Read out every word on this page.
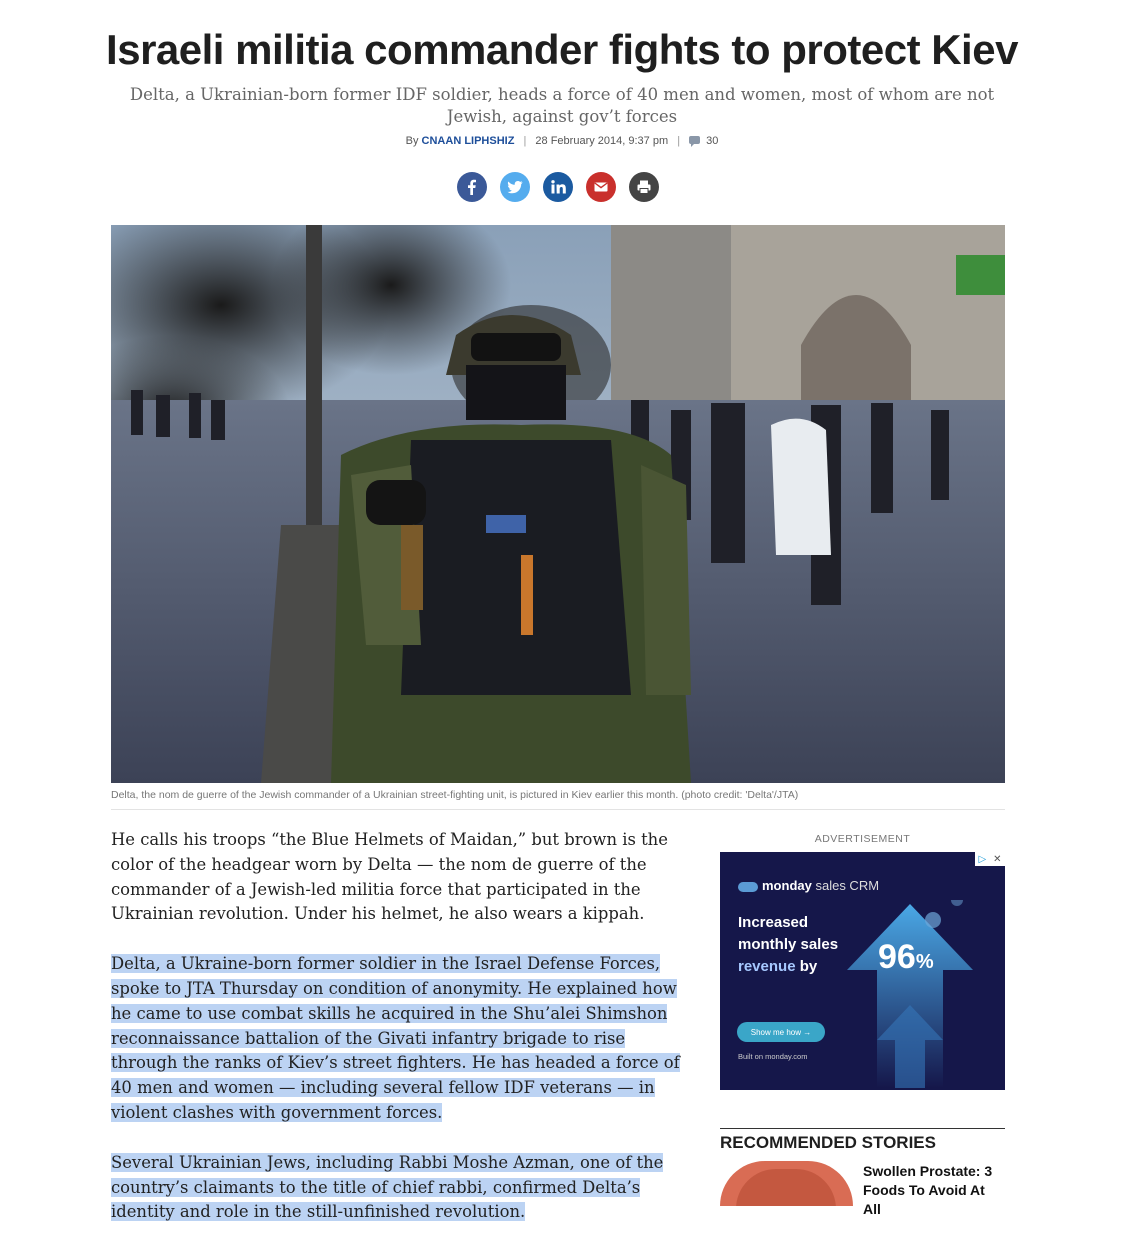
Israeli militia commander fights to protect Kiev

Delta, a Ukrainian-born former IDF soldier, heads a force of 40 men and women, most of whom are not Jewish, against gov’t forces

By CNAAN LIPHSHIZ | 28 February 2014, 9:37 pm | 30
Delta, the nom de guerre of the Jewish commander of a Ukrainian street-fighting unit, is pictured in Kiev earlier this month. (photo credit: 'Delta'/JTA)

He calls his troops “the Blue Helmets of Maidan,” but brown is the color of the headgear worn by Delta — the nom de guerre of the commander of a Jewish-led militia force that participated in the Ukrainian revolution. Under his helmet, he also wears a kippah.

Delta, a Ukraine-born former soldier in the Israel Defense Forces, spoke to JTA Thursday on condition of anonymity. He explained how he came to use combat skills he acquired in the Shu’alei Shimshon reconnaissance battalion of the Givati infantry brigade to rise through the ranks of Kiev’s street fighters. He has headed a force of 40 men and women — including several fellow IDF veterans — in violent clashes with government forces.

Several Ukrainian Jews, including Rabbi Moshe Azman, one of the country’s claimants to the title of chief rabbi, confirmed Delta’s identity and role in the still-unfinished revolution.

ADVERTISEMENT
▷ ✕
monday sales CRM
Increased
monthly sales
revenue by	96%
Show me how →
Built on monday.com
RECOMMENDED STORIES
Swollen Prostate: 3 Foods To Avoid At All
